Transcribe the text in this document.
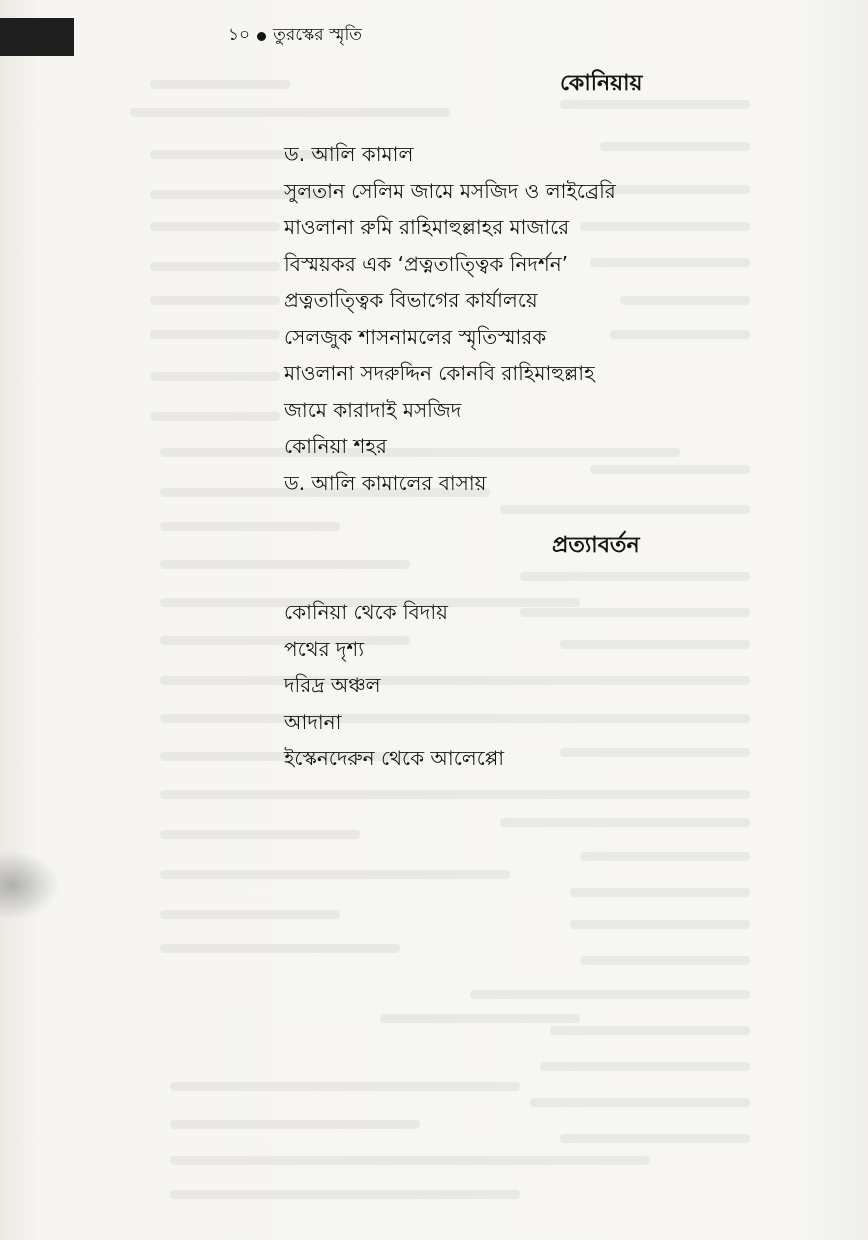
১০ তুরস্কের স্মৃতি
কোনিয়ায়
ড. আলি কামাল
সুলতান সেলিম জামে মসজিদ ও লাইব্রেরি
মাওলানা রুমি রাহিমাহুল্লাহর মাজারে
বিস্ময়কর এক ‘প্রত্নতাত্ত্বিক নিদর্শন’
প্রত্নতাত্ত্বিক বিভাগের কার্যালয়ে
সেলজুক শাসনামলের স্মৃতিস্মারক
মাওলানা সদরুদ্দিন কোনবি রাহিমাহুল্লাহ
জামে কারাদাই মসজিদ
কোনিয়া শহর
ড. আলি কামালের বাসায়
প্রত্যাবর্তন
কোনিয়া থেকে বিদায়
পথের দৃশ্য
দরিদ্র অঞ্চল
আদানা
ইস্কেনদেরুন থেকে আলেপ্পো
